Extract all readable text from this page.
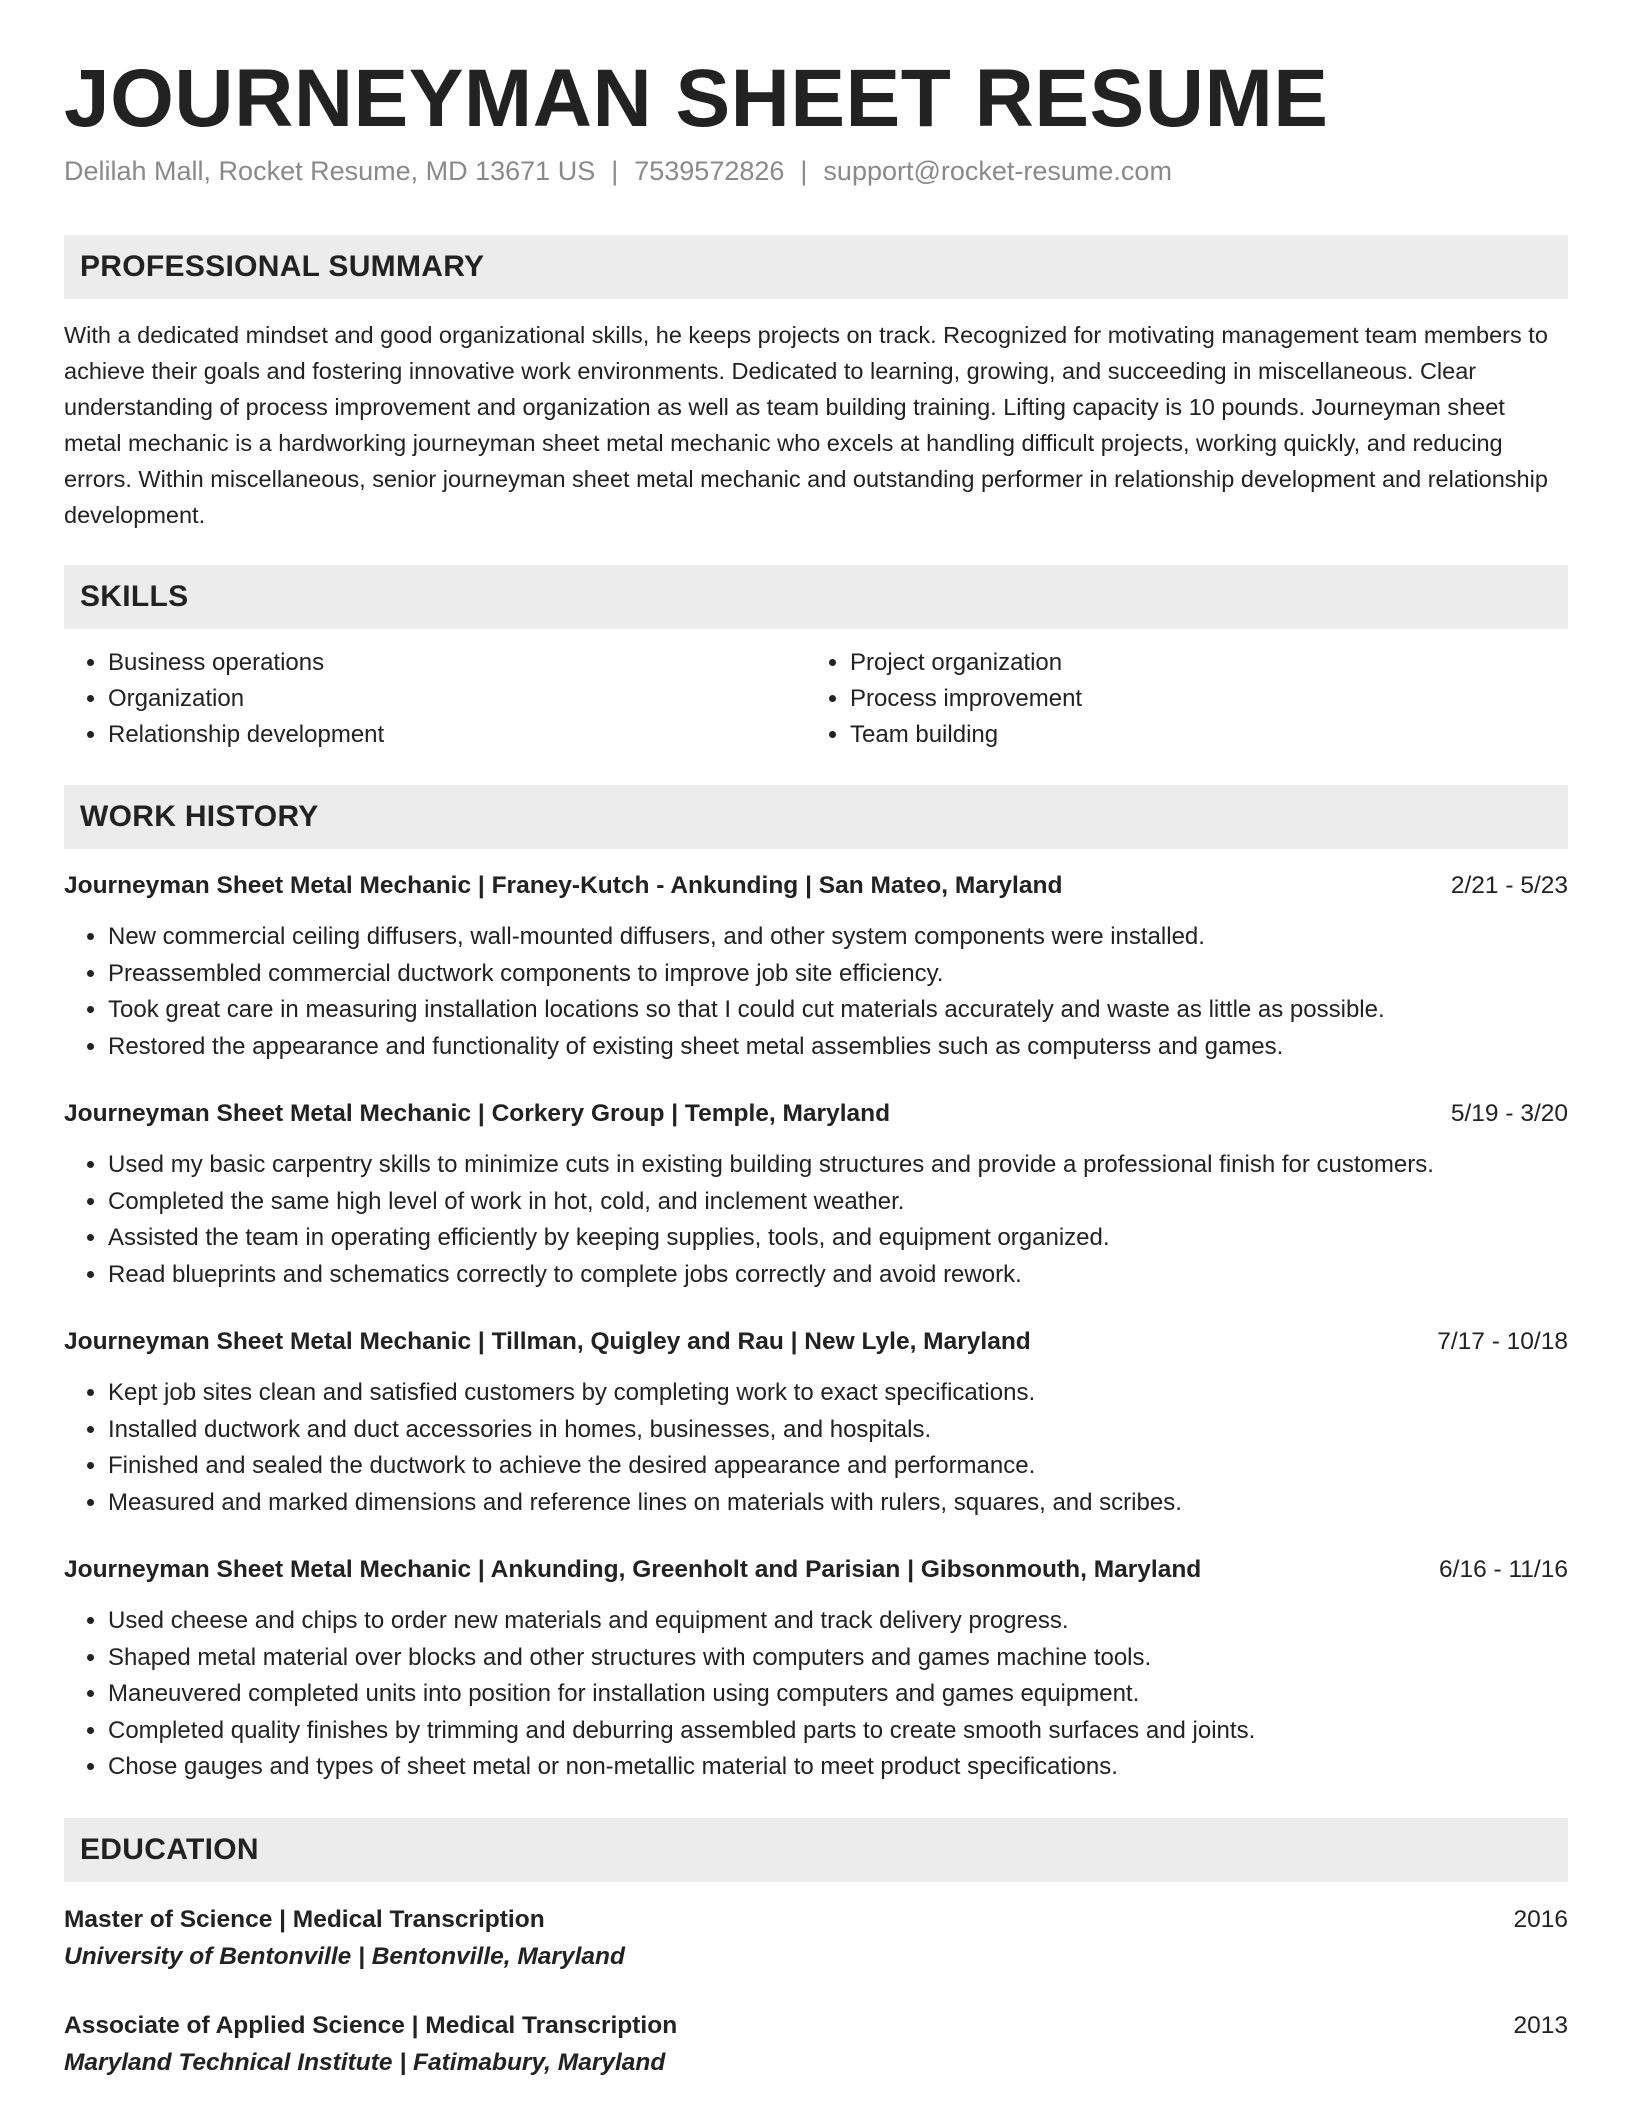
JOURNEYMAN SHEET RESUME
Delilah Mall, Rocket Resume, MD 13671 US | 7539572826 | support@rocket-resume.com
PROFESSIONAL SUMMARY
With a dedicated mindset and good organizational skills, he keeps projects on track. Recognized for motivating management team members to achieve their goals and fostering innovative work environments. Dedicated to learning, growing, and succeeding in miscellaneous. Clear understanding of process improvement and organization as well as team building training. Lifting capacity is 10 pounds. Journeyman sheet metal mechanic is a hardworking journeyman sheet metal mechanic who excels at handling difficult projects, working quickly, and reducing errors. Within miscellaneous, senior journeyman sheet metal mechanic and outstanding performer in relationship development and relationship development.
SKILLS
• Business operations
• Organization
• Relationship development
• Project organization
• Process improvement
• Team building
WORK HISTORY
Journeyman Sheet Metal Mechanic | Franey-Kutch - Ankunding | San Mateo, Maryland	2/21 - 5/23
• New commercial ceiling diffusers, wall-mounted diffusers, and other system components were installed.
• Preassembled commercial ductwork components to improve job site efficiency.
• Took great care in measuring installation locations so that I could cut materials accurately and waste as little as possible.
• Restored the appearance and functionality of existing sheet metal assemblies such as computerss and games.
Journeyman Sheet Metal Mechanic | Corkery Group | Temple, Maryland	5/19 - 3/20
• Used my basic carpentry skills to minimize cuts in existing building structures and provide a professional finish for customers.
• Completed the same high level of work in hot, cold, and inclement weather.
• Assisted the team in operating efficiently by keeping supplies, tools, and equipment organized.
• Read blueprints and schematics correctly to complete jobs correctly and avoid rework.
Journeyman Sheet Metal Mechanic | Tillman, Quigley and Rau | New Lyle, Maryland	7/17 - 10/18
• Kept job sites clean and satisfied customers by completing work to exact specifications.
• Installed ductwork and duct accessories in homes, businesses, and hospitals.
• Finished and sealed the ductwork to achieve the desired appearance and performance.
• Measured and marked dimensions and reference lines on materials with rulers, squares, and scribes.
Journeyman Sheet Metal Mechanic | Ankunding, Greenholt and Parisian | Gibsonmouth, Maryland	6/16 - 11/16
• Used cheese and chips to order new materials and equipment and track delivery progress.
• Shaped metal material over blocks and other structures with computers and games machine tools.
• Maneuvered completed units into position for installation using computers and games equipment.
• Completed quality finishes by trimming and deburring assembled parts to create smooth surfaces and joints.
• Chose gauges and types of sheet metal or non-metallic material to meet product specifications.
EDUCATION
Master of Science | Medical Transcription	2016
University of Bentonville | Bentonville, Maryland
Associate of Applied Science | Medical Transcription	2013
Maryland Technical Institute | Fatimabury, Maryland
